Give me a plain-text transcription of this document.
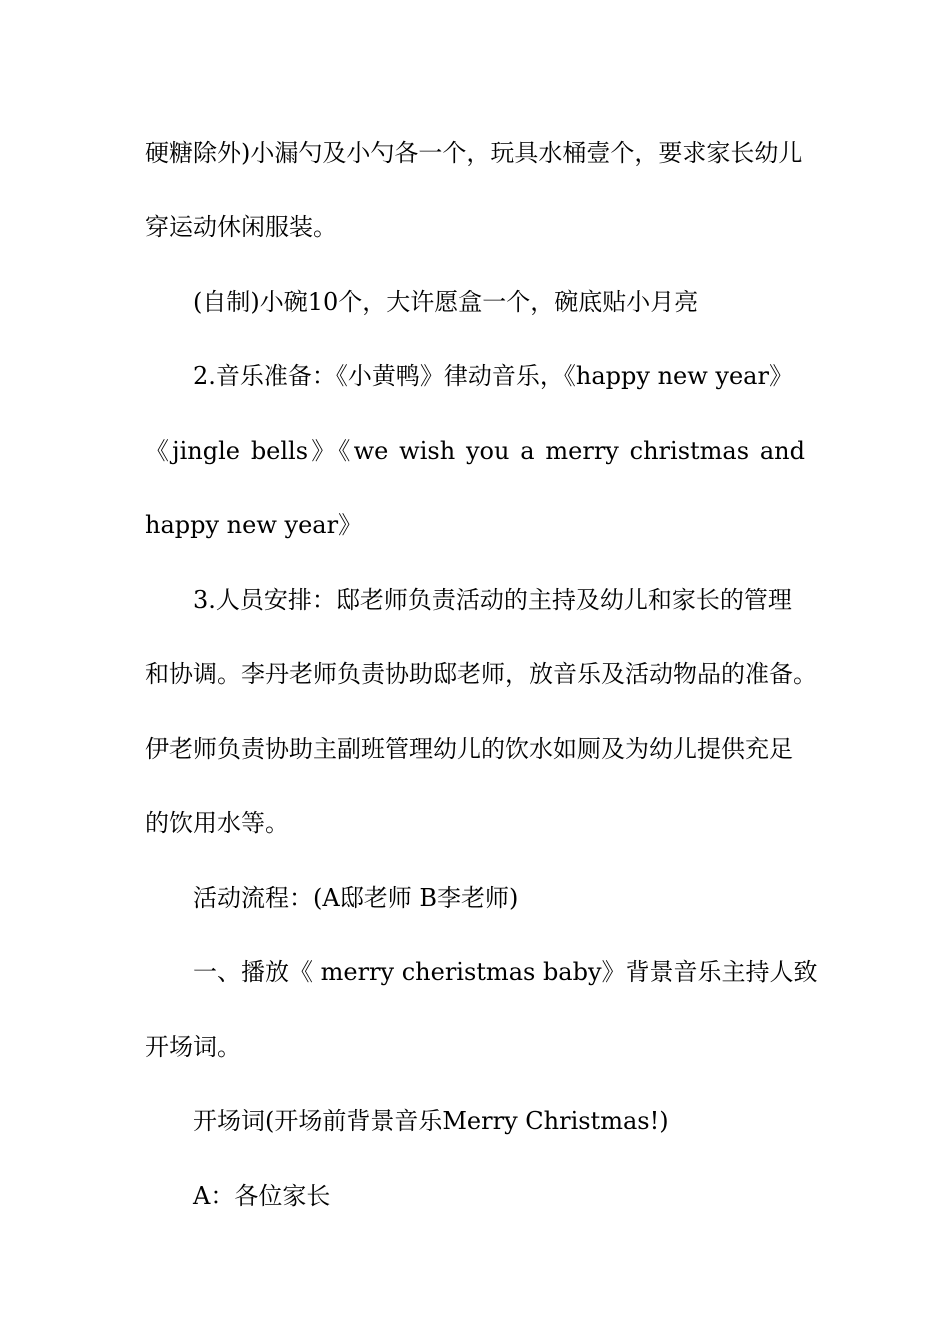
硬糖除外)小漏勺及小勺各一个，玩具水桶壹个，要求家长幼儿
穿运动休闲服装。
(自制)小碗10个，大许愿盒一个，碗底贴小月亮
2.音乐准备：《小黄鸭》律动音乐，《happy new year》
《jingle bells》《we wish you a merry christmas and
happy new year》
3.人员安排：邸老师负责活动的主持及幼儿和家长的管理
和协调。李丹老师负责协助邸老师，放音乐及活动物品的准备。
伊老师负责协助主副班管理幼儿的饮水如厕及为幼儿提供充足
的饮用水等。
活动流程：(A邸老师 B李老师)
一、播放《 merry cheristmas baby》背景音乐主持人致
开场词。
开场词(开场前背景音乐Merry Christmas!)
A：各位家长
